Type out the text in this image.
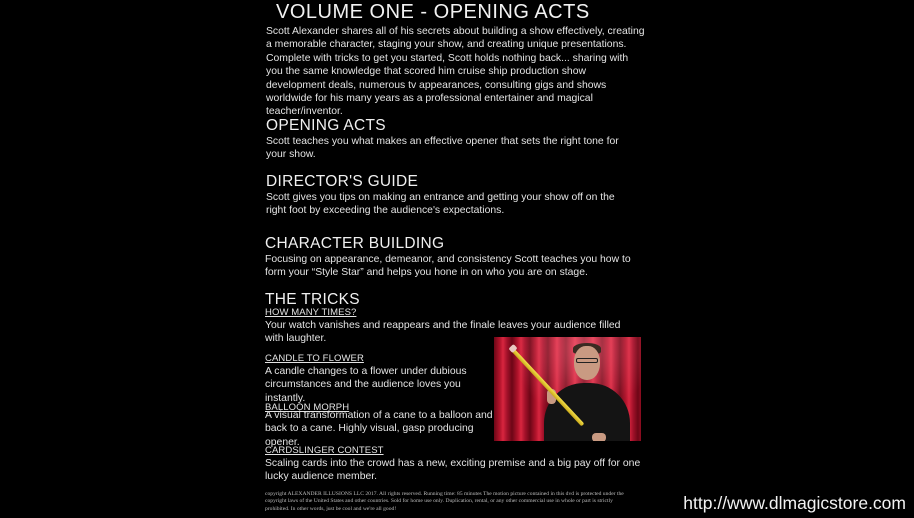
VOLUME ONE - OPENING ACTS

Scott Alexander shares all of his secrets about building a show effectively, creating a memorable character, staging your show, and creating unique presentations. Complete with tricks to get you started, Scott holds nothing back... sharing with you the same knowledge that scored him cruise ship production show development deals, numerous tv appearances, consulting gigs and shows worldwide for his many years as a professional entertainer and magical teacher/inventor.

OPENING ACTS

Scott teaches you what makes an effective opener that sets the right tone for your show.

DIRECTOR'S GUIDE

Scott gives you tips on making an entrance and getting your show off on the right foot by exceeding the audience's expectations.

CHARACTER BUILDING

Focusing on appearance, demeanor, and consistency Scott teaches you how to form your “Style Star” and helps you hone in on who you are on stage.

THE TRICKS

HOW MANY TIMES?

Your watch vanishes and reappears and the finale leaves your audience filled with laughter.

CANDLE TO FLOWER

A candle changes to a flower under dubious circumstances and the audience loves you instantly.

BALLOON MORPH

A visual transformation of a cane to a balloon and back to a cane. Highly visual, gasp producing opener.

CARDSLINGER CONTEST

Scaling cards into the crowd has a new, exciting premise and a big pay off for one lucky audience member.

copyright ALEXANDER ILLUSIONS LLC 2017. All rights reserved. Running time: 85 minutes The motion picture contained in this dvd is protected under the copyright laws of the United States and other countries. Sold for home use only. Duplication, rental, or any other commercial use in whole or part is strictly prohibited. In other words, just be cool and we're all good!	http://www.dlmagicstore.com
